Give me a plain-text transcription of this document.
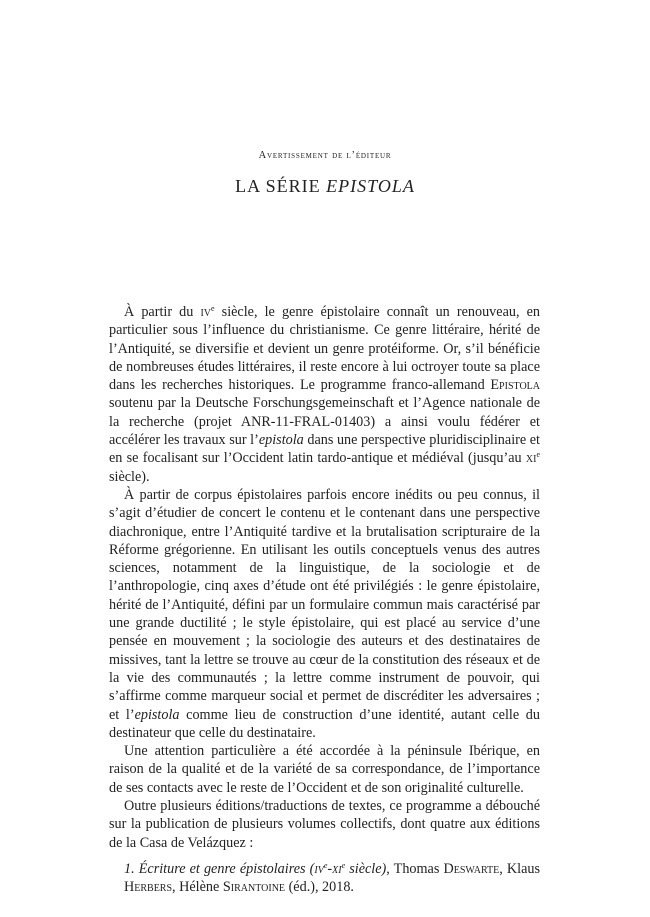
Avertissement de l’éditeur
LA SÉRIE EPISTOLA

À partir du $iv^e$ siècle, le genre épistolaire connaît un renouveau, en particulier sous l’influence du christianisme. Ce genre littéraire, hérité de l’Antiquité, se diversifie et devient un genre protéiforme. Or, s’il bénéficie de nombreuses études littéraires, il reste encore à lui octroyer toute sa place dans les recherches historiques. Le programme franco-allemand Epistola soutenu par la Deutsche Forschungsgemeinschaft et l’Agence nationale de la recherche (projet ANR-11-FRAL-01403) a ainsi voulu fédérer et accélérer les travaux sur l’epistola dans une perspective pluridisciplinaire et en se focalisant sur l’Occident latin tardo-antique et médiéval (jusqu’au $xi^e$ siècle).

À partir de corpus épistolaires parfois encore inédits ou peu connus, il s’agit d’étudier de concert le contenu et le contenant dans une perspective diachronique, entre l’Antiquité tardive et la brutalisation scripturaire de la Réforme grégorienne. En utilisant les outils conceptuels venus des autres sciences, notamment de la linguistique, de la sociologie et de l’anthropologie, cinq axes d’étude ont été privilégiés : le genre épistolaire, hérité de l’Antiquité, défini par un formulaire commun mais caractérisé par une grande ductilité ; le style épistolaire, qui est placé au service d’une pensée en mouvement ; la sociologie des auteurs et des destinataires de missives, tant la lettre se trouve au cœur de la constitution des réseaux et de la vie des communautés ; la lettre comme instrument de pouvoir, qui s’affirme comme marqueur social et permet de discréditer les adversaires ; et l’epistola comme lieu de construction d’une identité, autant celle du destinateur que celle du destinataire.

Une attention particulière a été accordée à la péninsule Ibérique, en raison de la qualité et de la variété de sa correspondance, de l’importance de ses contacts avec le reste de l’Occident et de son originalité culturelle.

Outre plusieurs éditions/traductions de textes, ce programme a débouché sur la publication de plusieurs volumes collectifs, dont quatre aux éditions de la Casa de Velázquez :

1. Écriture et genre épistolaires ($iv^e-xi^e$ siècle), Thomas Deswarte, Klaus Herbers, Hélène Sirantoine (éd.), 2018.
